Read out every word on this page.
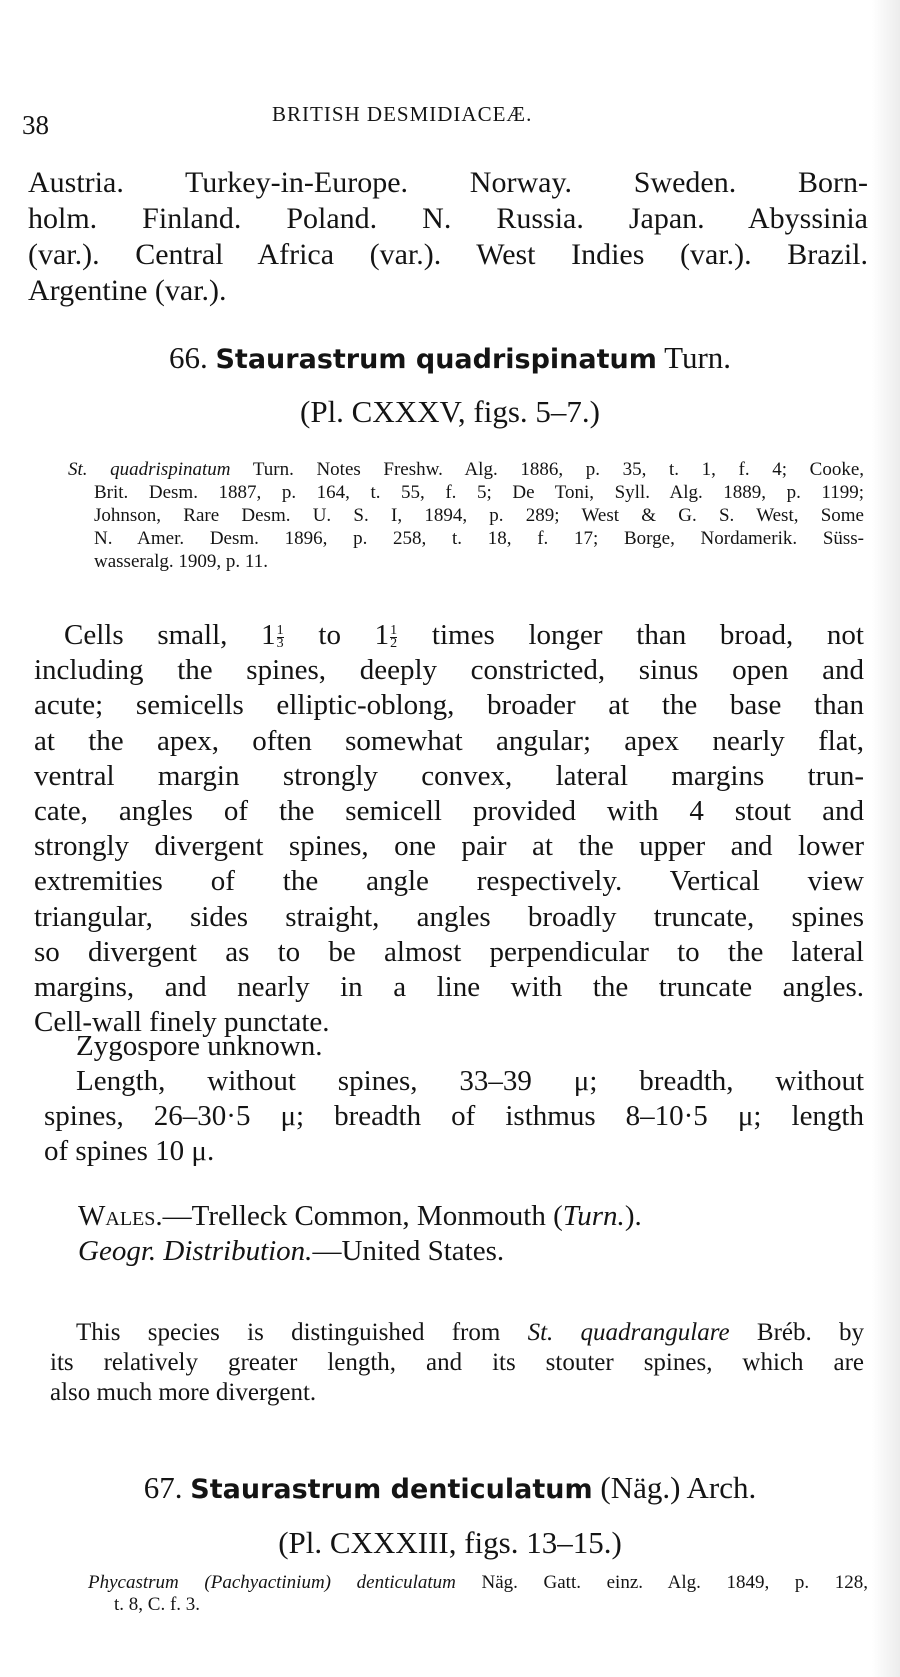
38	BRITISH DESMIDIACEÆ.

Austria. Turkey-in-Europe. Norway. Sweden. Born-
holm. Finland. Poland. N. Russia. Japan. Abyssinia
(var.). Central Africa (var.). West Indies (var.). Brazil.
Argentine (var.).

66. Staurastrum quadrispinatum Turn.
(Pl. CXXXV, figs. 5–7.)

St. quadrispinatum Turn. Notes Freshw. Alg. 1886, p. 35, t. 1, f. 4; Cooke,
Brit. Desm. 1887, p. 164, t. 55, f. 5; De Toni, Syll. Alg. 1889, p. 1199;
Johnson, Rare Desm. U. S. I, 1894, p. 289; West & G. S. West, Some
N. Amer. Desm. 1896, p. 258, t. 18, f. 17; Borge, Nordamerik. Süss-
wasseralg. 1909, p. 11.

Cells small, $1 \frac{1}{3}$ to $1 \frac{1}{2}$ times longer than broad, not
including the spines, deeply constricted, sinus open and
acute; semicells elliptic-oblong, broader at the base than
at the apex, often somewhat angular; apex nearly flat,
ventral margin strongly convex, lateral margins trun-
cate, angles of the semicell provided with 4 stout and
strongly divergent spines, one pair at the upper and lower
extremities of the angle respectively. Vertical view
triangular, sides straight, angles broadly truncate, spines
so divergent as to be almost perpendicular to the lateral
margins, and nearly in a line with the truncate angles.
Cell-wall finely punctate.

Zygospore unknown.

Length, without spines, 33–39 μ; breadth, without
spines, 26–30·5 μ; breadth of isthmus 8–10·5 μ; length
of spines 10 μ.

Wales.—Trelleck Common, Monmouth (Turn.).
Geogr. Distribution.—United States.

This species is distinguished from St. quadrangulare Bréb. by
its relatively greater length, and its stouter spines, which are
also much more divergent.

67. Staurastrum denticulatum (Näg.) Arch.
(Pl. CXXXIII, figs. 13–15.)

Phycastrum (Pachyactinium) denticulatum Näg. Gatt. einz. Alg. 1849, p. 128,
t. 8, C. f. 3.
